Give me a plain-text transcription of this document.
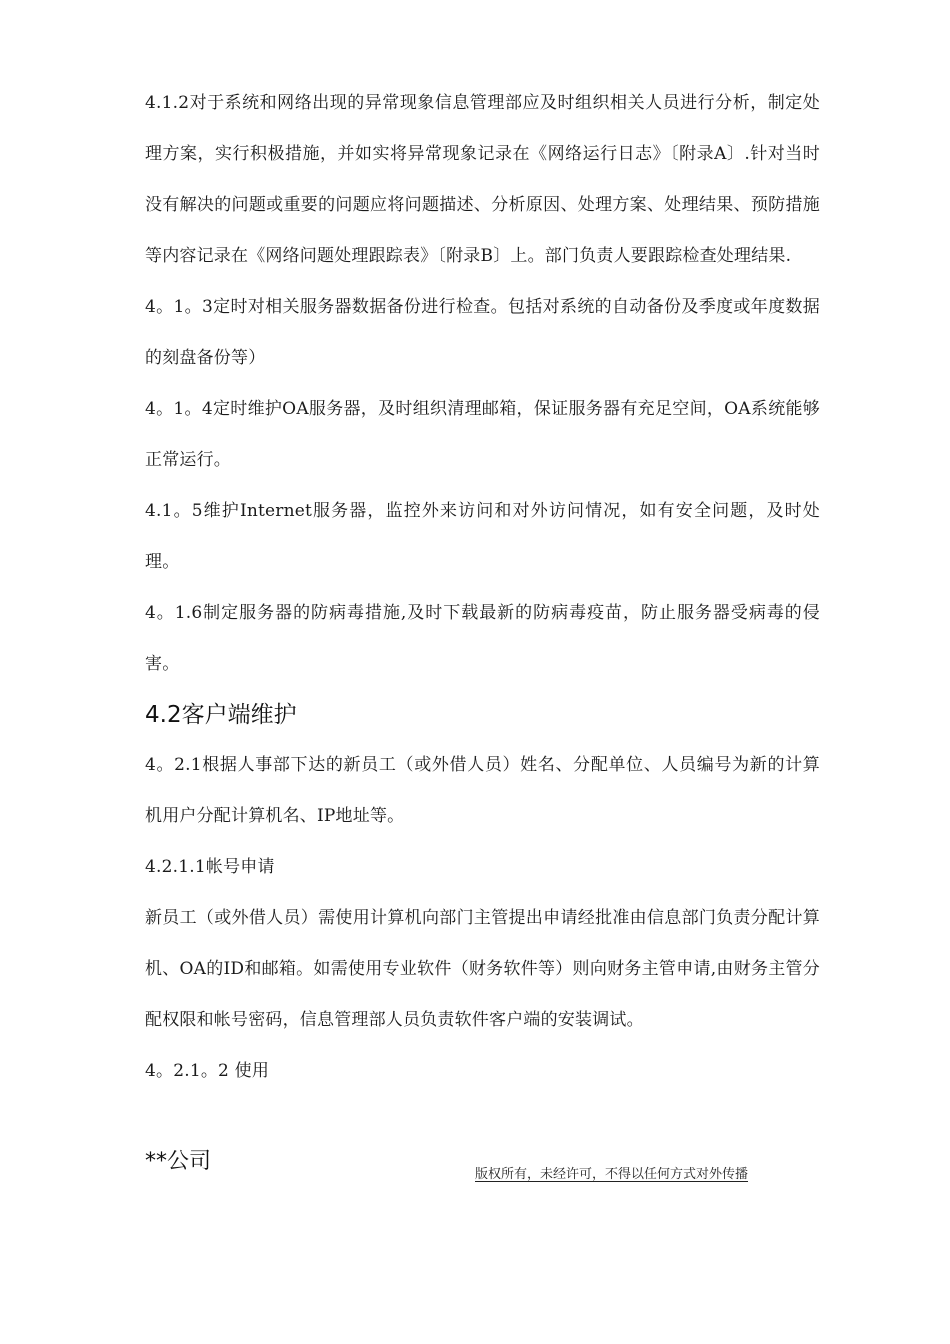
4.1.2对于系统和网络出现的异常现象信息管理部应及时组织相关人员进行分析，制定处理方案，实行积极措施，并如实将异常现象记录在《网络运行日志》〔附录A〕.针对当时没有解决的问题或重要的问题应将问题描述、分析原因、处理方案、处理结果、预防措施等内容记录在《网络问题处理跟踪表》〔附录B〕上。部门负责人要跟踪检查处理结果.

4。1。3定时对相关服务器数据备份进行检查。包括对系统的自动备份及季度或年度数据的刻盘备份等）

4。1。4定时维护OA服务器，及时组织清理邮箱，保证服务器有充足空间，OA系统能够正常运行。

4.1。5维护Internet服务器，监控外来访问和对外访问情况，如有安全问题，及时处理。

4。1.6制定服务器的防病毒措施,及时下载最新的防病毒疫苗，防止服务器受病毒的侵害。

4.2客户端维护

4。2.1根据人事部下达的新员工（或外借人员）姓名、分配单位、人员编号为新的计算机用户分配计算机名、IP地址等。

4.2.1.1帐号申请

新员工（或外借人员）需使用计算机向部门主管提出申请经批准由信息部门负责分配计算机、OA的ID和邮箱。如需使用专业软件（财务软件等）则向财务主管申请,由财务主管分配权限和帐号密码，信息管理部人员负责软件客户端的安装调试。

4。2.1。2 使用

**公司
版权所有，未经许可，不得以任何方式对外传播
